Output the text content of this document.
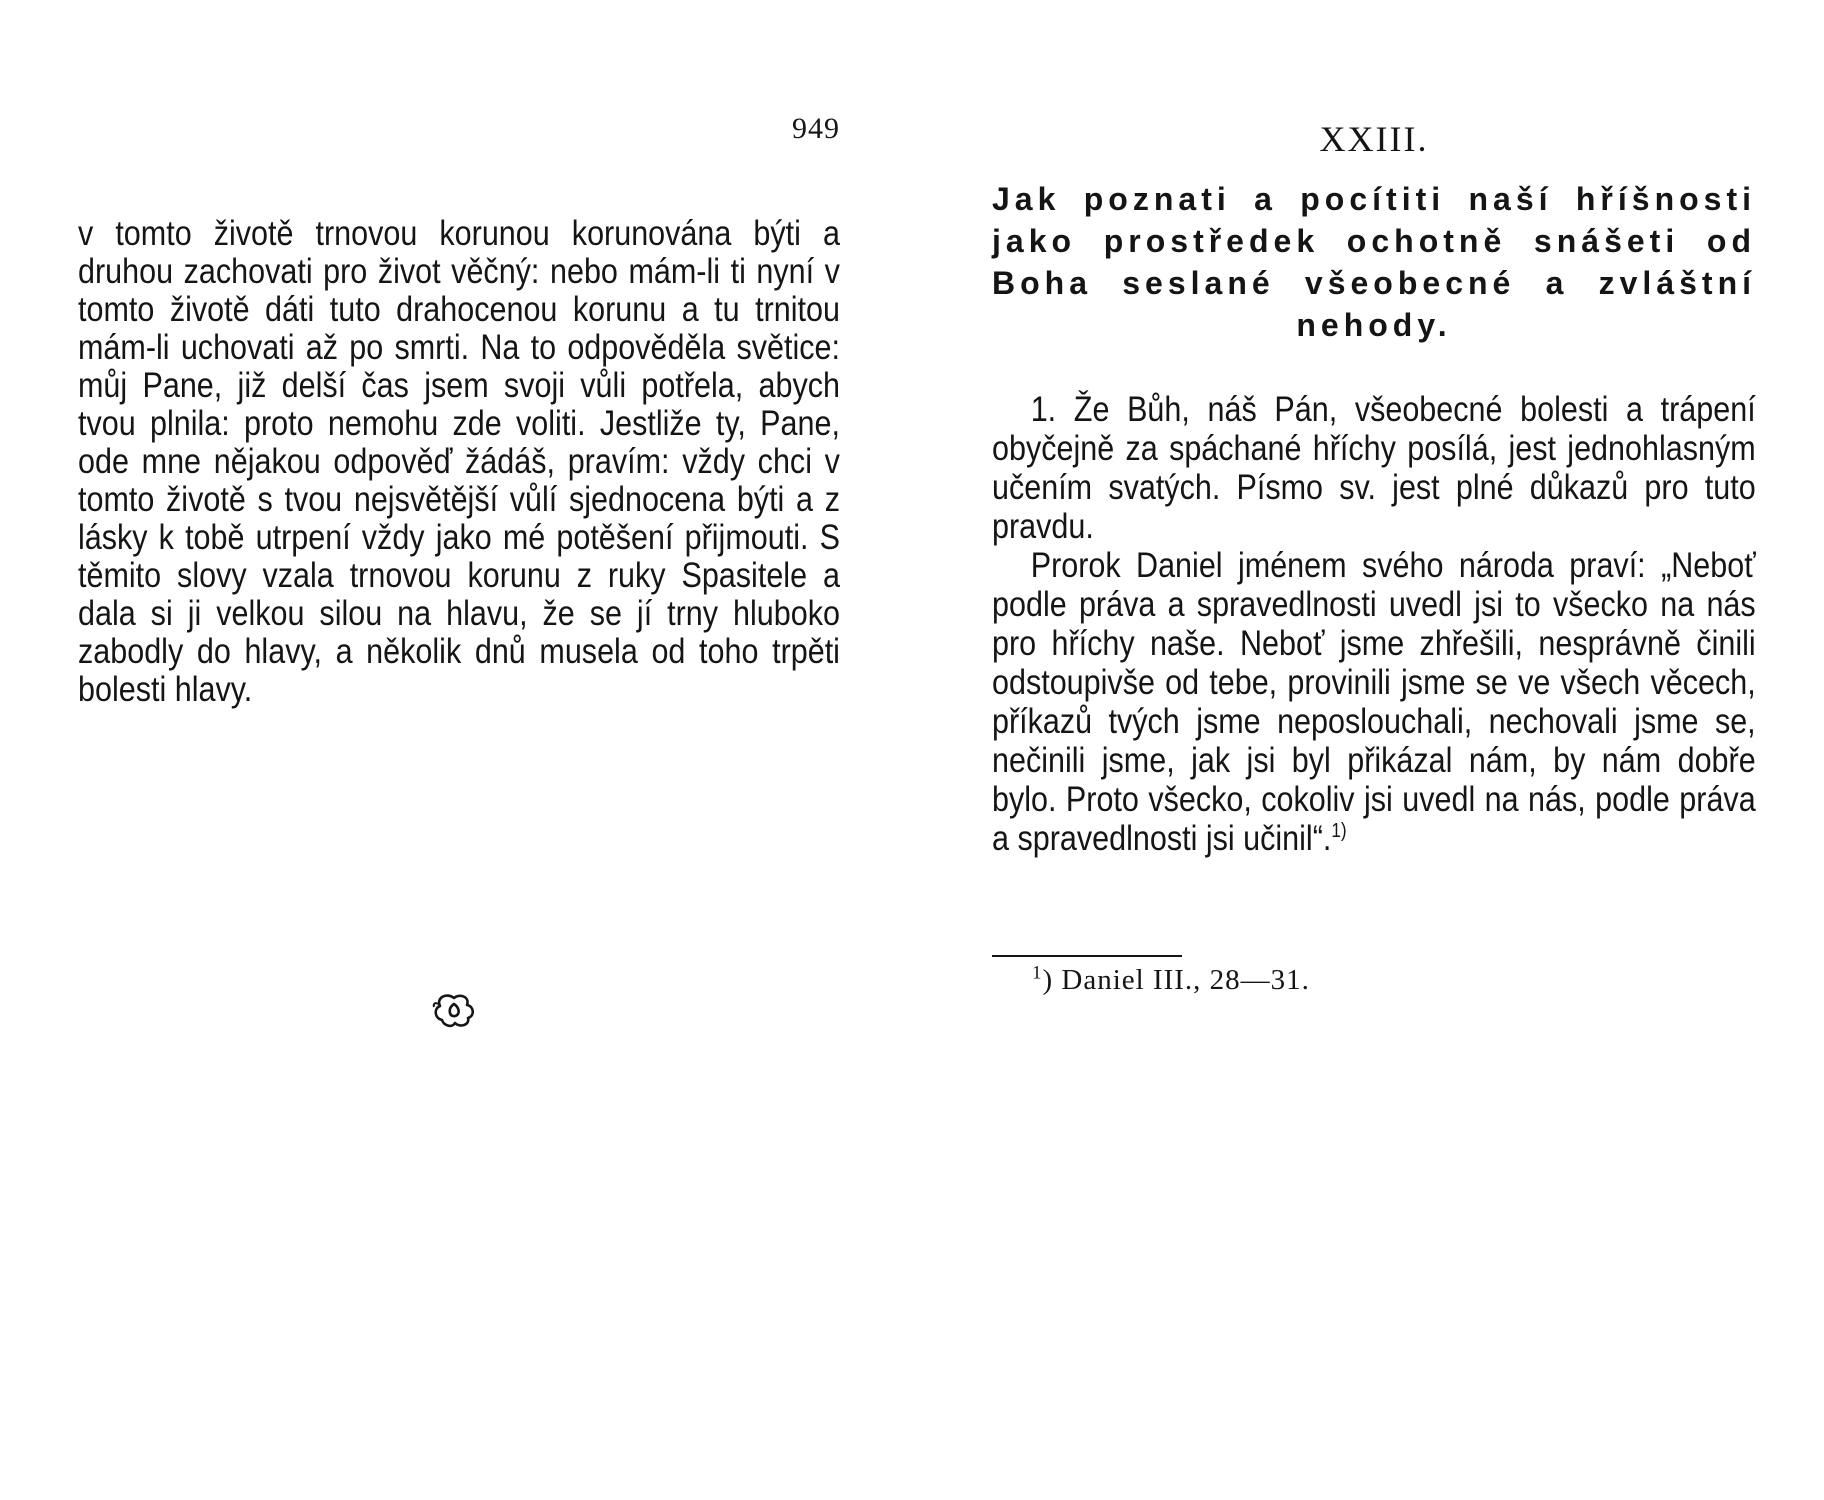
949
v tomto životě trnovou korunou korunována býti a druhou zachovati pro život věčný: nebo mám-li ti nyní v tomto životě dáti tuto drahocenou korunu a tu trnitou mám-li uchovati až po smrti. Na to odpověděla světice: můj Pane, již delší čas jsem svoji vůli potřela, abych tvou plnila: proto nemohu zde voliti. Jestliže ty, Pane, ode mne nějakou odpověď žádáš, pravím: vždy chci v tomto životě s tvou nejsvětější vůlí sjednocena býti a z lásky k tobě utrpení vždy jako mé potěšení přijmouti. S těmito slovy vzala trnovou korunu z ruky Spasitele a dala si ji velkou silou na hlavu, že se jí trny hluboko zabodly do hlavy, a několik dnů musela od toho trpěti bolesti hlavy.
XXIII.
Jak poznati a pocítiti naší hříšnosti jako prostředek ochotně snášeti od Boha seslané všeobecné a zvláštní nehody.

1. Že Bůh, náš Pán, všeobecné bolesti a trápení obyčejně za spáchané hříchy posílá, jest jednohlasným učením svatých. Písmo sv. jest plné důkazů pro tuto pravdu.

Prorok Daniel jménem svého národa praví: „Neboť podle práva a spravedlnosti uvedl jsi to všecko na nás pro hříchy naše. Neboť jsme zhřešili, nesprávně činili odstoupivše od tebe, provinili jsme se ve všech věcech, příkazů tvých jsme neposlouchali, nechovali jsme se, nečinili jsme, jak jsi byl přikázal nám, by nám dobře bylo. Proto všecko, cokoliv jsi uvedl na nás, podle práva a spravedlnosti jsi učinil“.$^{1)}$

$^1$) Daniel III., 28—31.
